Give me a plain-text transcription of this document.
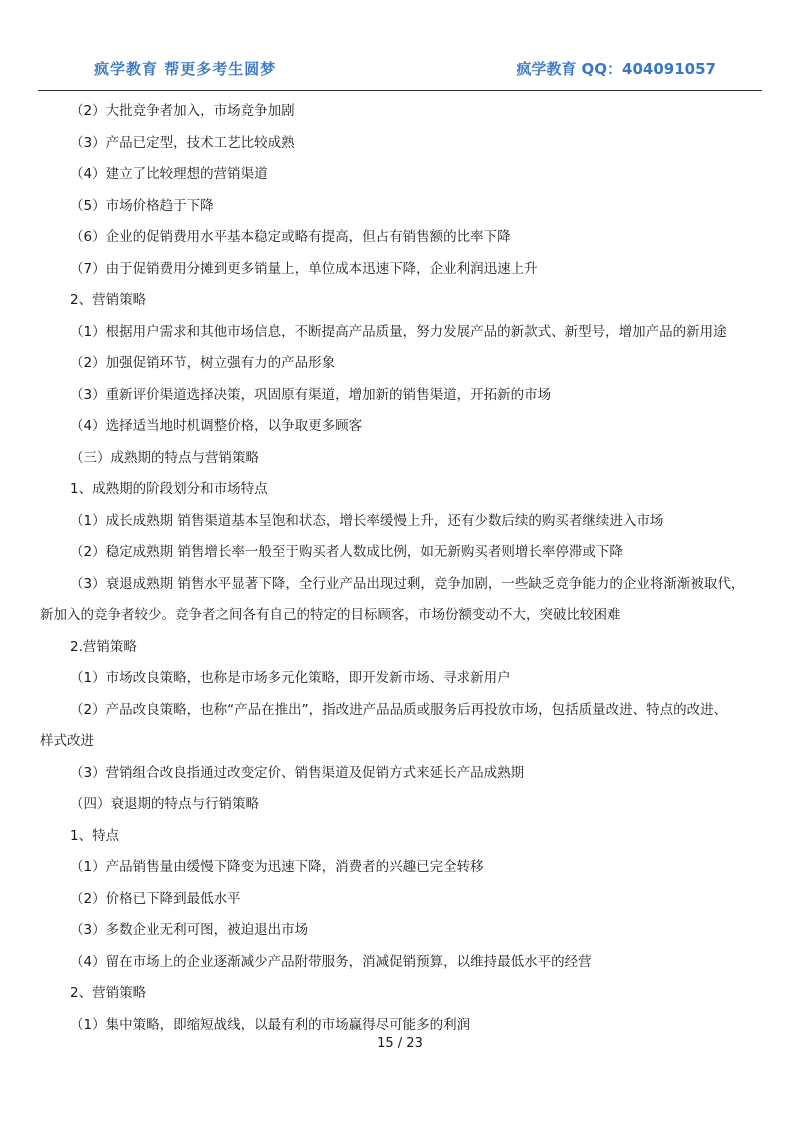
疯学教育 帮更多考生圆梦	疯学教育 QQ：404091057
（2）大批竞争者加入，市场竞争加剧
（3）产品已定型，技术工艺比较成熟
（4）建立了比较理想的营销渠道
（5）市场价格趋于下降
（6）企业的促销费用水平基本稳定或略有提高，但占有销售额的比率下降
（7）由于促销费用分摊到更多销量上，单位成本迅速下降，企业利润迅速上升
2、营销策略
（1）根据用户需求和其他市场信息，不断提高产品质量，努力发展产品的新款式、新型号，增加产品的新用途
（2）加强促销环节，树立强有力的产品形象
（3）重新评价渠道选择决策，巩固原有渠道，增加新的销售渠道，开拓新的市场
（4）选择适当地时机调整价格，以争取更多顾客
（三）成熟期的特点与营销策略
1、成熟期的阶段划分和市场特点
（1）成长成熟期 销售渠道基本呈饱和状态，增长率缓慢上升，还有少数后续的购买者继续进入市场
（2）稳定成熟期 销售增长率一般至于购买者人数成比例，如无新购买者则增长率停滞或下降
（3）衰退成熟期 销售水平显著下降，全行业产品出现过剩，竞争加剧，一些缺乏竞争能力的企业将渐渐被取代，
新加入的竞争者较少。竞争者之间各有自己的特定的目标顾客，市场份额变动不大，突破比较困难
2.营销策略
（1）市场改良策略，也称是市场多元化策略，即开发新市场、寻求新用户
（2）产品改良策略，也称“产品在推出”，指改进产品品质或服务后再投放市场，包括质量改进、特点的改进、
样式改进
（3）营销组合改良指通过改变定价、销售渠道及促销方式来延长产品成熟期
（四）衰退期的特点与行销策略
1、特点
（1）产品销售量由缓慢下降变为迅速下降，消费者的兴趣已完全转移
（2）价格已下降到最低水平
（3）多数企业无利可图，被迫退出市场
（4）留在市场上的企业逐渐减少产品附带服务，消减促销预算，以维持最低水平的经营
2、营销策略
（1）集中策略，即缩短战线，以最有利的市场赢得尽可能多的利润
15 / 23
